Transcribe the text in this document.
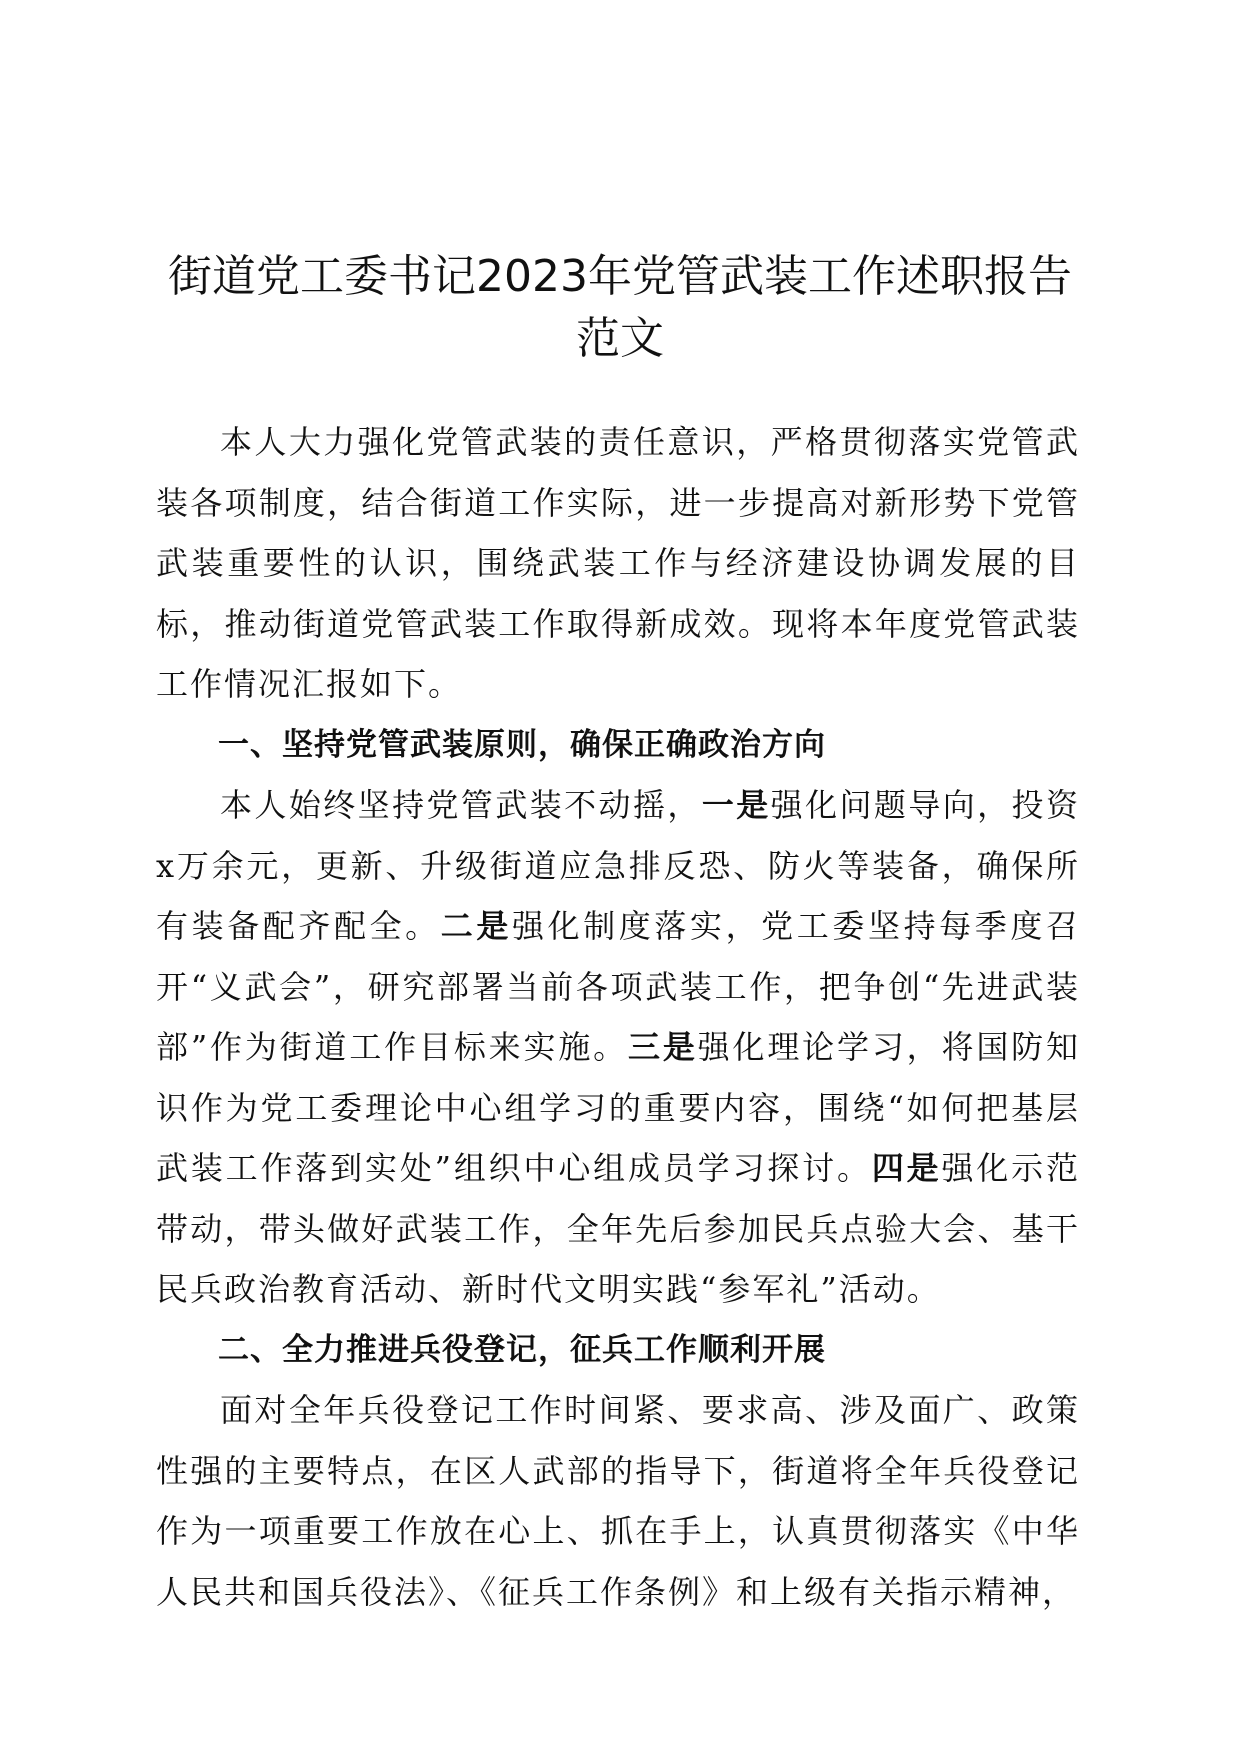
街道党工委书记2023年党管武装工作述职报告范文

本人大力强化党管武装的责任意识，严格贯彻落实党管武装各项制度，结合街道工作实际，进一步提高对新形势下党管武装重要性的认识，围绕武装工作与经济建设协调发展的目标，推动街道党管武装工作取得新成效。现将本年度党管武装工作情况汇报如下。

一、坚持党管武装原则，确保正确政治方向

本人始终坚持党管武装不动摇，一是强化问题导向，投资x万余元，更新、升级街道应急排反恐、防火等装备，确保所有装备配齐配全。二是强化制度落实，党工委坚持每季度召开“义武会”，研究部署当前各项武装工作，把争创“先进武装部”作为街道工作目标来实施。三是强化理论学习，将国防知识作为党工委理论中心组学习的重要内容，围绕“如何把基层武装工作落到实处”组织中心组成员学习探讨。四是强化示范带动，带头做好武装工作，全年先后参加民兵点验大会、基干民兵政治教育活动、新时代文明实践“参军礼”活动。

二、全力推进兵役登记，征兵工作顺利开展

面对全年兵役登记工作时间紧、要求高、涉及面广、政策性强的主要特点，在区人武部的指导下，街道将全年兵役登记作为一项重要工作放在心上、抓在手上，认真贯彻落实《中华人民共和国兵役法》、《征兵工作条例》和上级有关指示精神，
